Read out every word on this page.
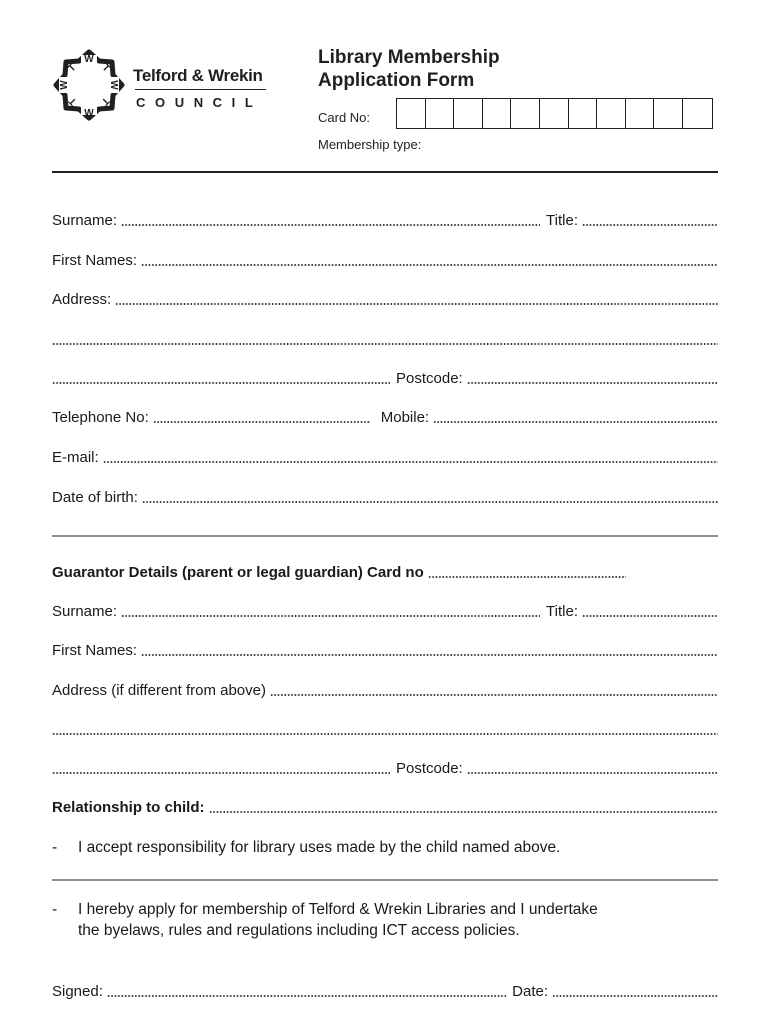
W
W
W	W
T T
T T
Telford & Wrekin
COUNCIL
Library Membership
Application Form
Card No:
Membership type:
Surname:	Title:
First Names:
Address:
Postcode:
Telephone No:	Mobile:
E-mail:
Date of birth:
Guarantor Details (parent or legal guardian) Card no
Surname:	Title:
First Names:
Address (if different from above)
Postcode:
Relationship to child:
-	I accept responsibility for library uses made by the child named above.
-	I hereby apply for membership of Telford & Wrekin Libraries and I undertake
the byelaws, rules and regulations including ICT access policies.
Signed:	Date:
